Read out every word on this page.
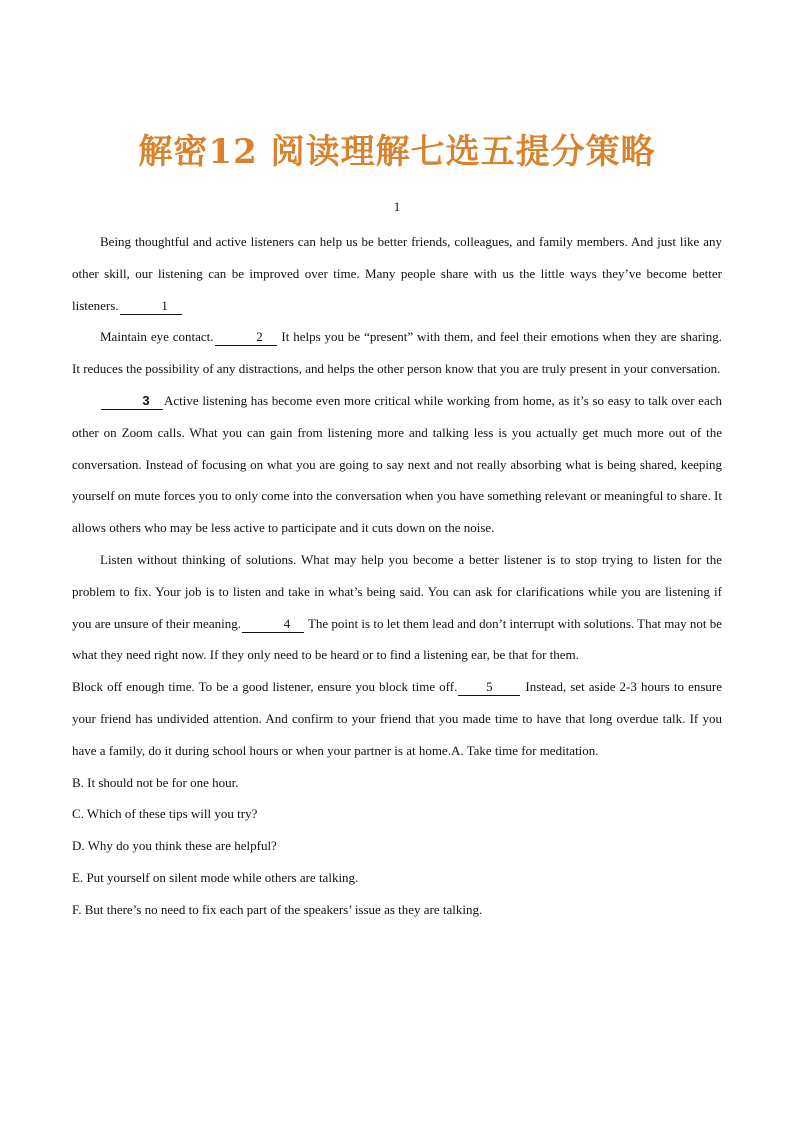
解密12 阅读理解七选五提分策略
1

Being thoughtful and active listeners can help us be better friends, colleagues, and family members. And just like any other skill, our listening can be improved over time. Many people share with us the little ways they’ve become better listeners.	1

Maintain eye contact.	2 It helps you be “present” with them, and feel their emotions when they are sharing. It reduces the possibility of any distractions, and helps the other person know that you are truly present in your conversation.

3 Active listening has become even more critical while working from home, as it’s so easy to talk over each other on Zoom calls. What you can gain from listening more and talking less is you actually get much more out of the conversation. Instead of focusing on what you are going to say next and not really absorbing what is being shared, keeping yourself on mute forces you to only come into the conversation when you have something relevant or meaningful to share. It allows others who may be less active to participate and it cuts down on the noise.

Listen without thinking of solutions. What may help you become a better listener is to stop trying to listen for the problem to fix. Your job is to listen and take in what’s being said. You can ask for clarifications while you are listening if you are unsure of their meaning.	4 The point is to let them lead and don’t interrupt with solutions. That may not be what they need right now. If they only need to be heard or to find a listening ear, be that for them.

Block off enough time. To be a good listener, ensure you block time off. 5 Instead, set aside 2-3 hours to ensure your friend has undivided attention. And confirm to your friend that you made time to have that long overdue talk. If you have a family, do it during school hours or when your partner is at home.A. Take time for meditation.

B. It should not be for one hour.

C. Which of these tips will you try?

D. Why do you think these are helpful?

E. Put yourself on silent mode while others are talking.

F. But there’s no need to fix each part of the speakers’ issue as they are talking.
